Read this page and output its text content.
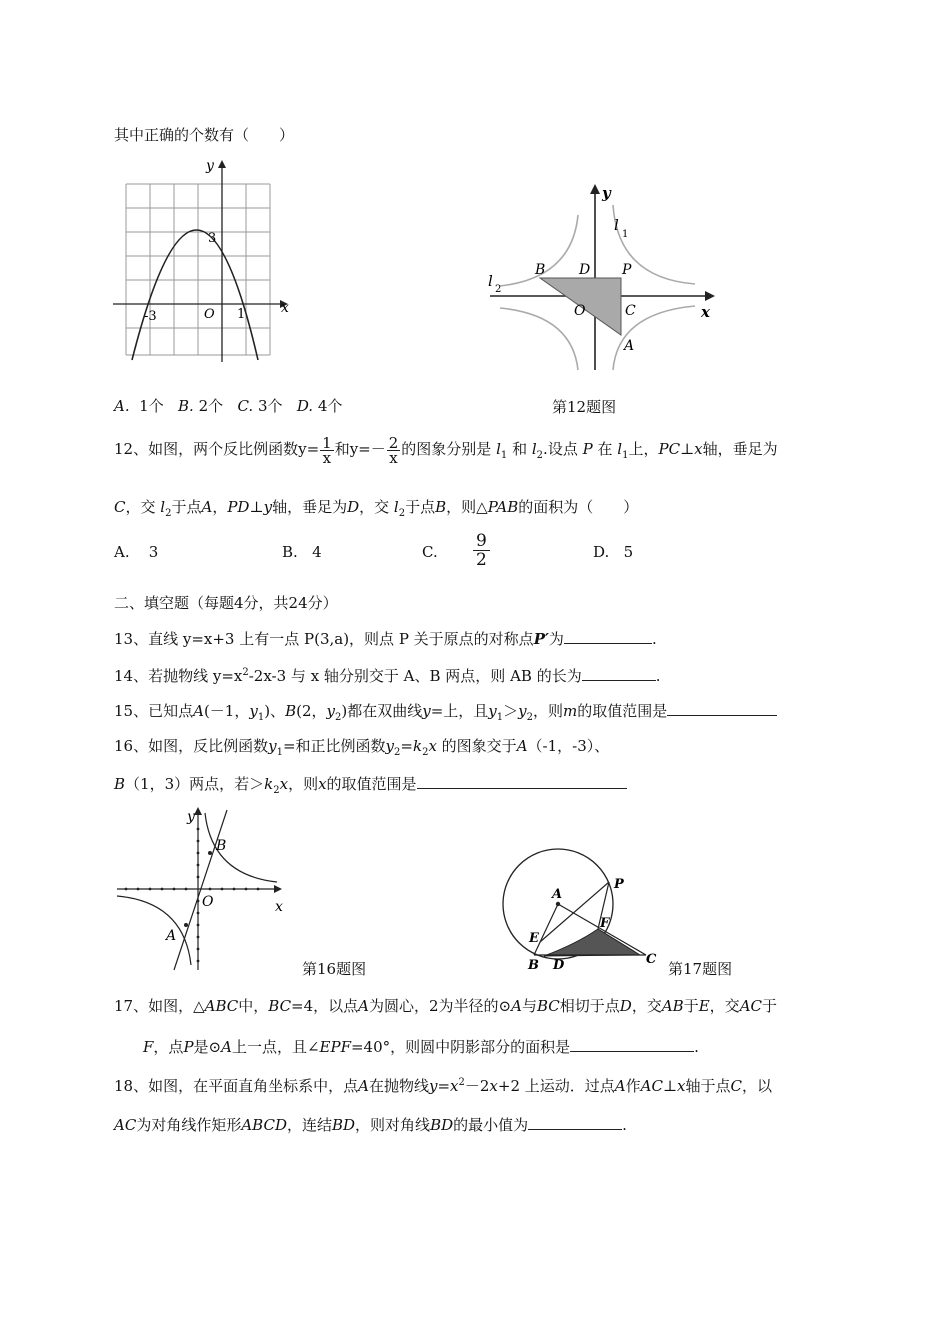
其中正确的个数有（　　）
y
x
3
-3	O 1
l
1
l 2
B D P
O	C
A
x
y
A. 1个 B. 2个 C. 3个 D. 4个	第12题图
12、如图，两个反比例函数$y= \frac{1}{x}$ 和$y=- \frac{2}{x}$ 的图象分别是 $l_1$ 和 $l_2$.设点 P 在 $l_1$上，PC⊥x轴，垂足为
C，交 $l_2$于点A，PD⊥y轴，垂足为D，交 $l_2$于点B，则△PAB的面积为（　　）
A. 3	B. 4	C.
9
2	D. 5
二、填空题（每题4分，共24分）
13、直线 y=x+3 上有一点 P(3,a)，则点 P 关于原点的对称点P′为	.
14、若抛物线 $y=x^2-2x-3$ 与 x 轴分别交于 A、B 两点，则 AB 的长为	.
15、已知点A(－1，$y_1$)、B(2，$y_2$)都在双曲线y=上，且$y_1>y_2$，则m的取值范围是
16、如图，反比例函数$y_1=$和正比例函数$y_2=k_2x$ 的图象交于A（-1，-3）、
B（1，3）两点，若$>k_2x$，则x的取值范围是
y
x
B
O
A
第16题图
A
P
F
E
B D	C
第17题图
17、如图，△ABC中，BC=4，以点A为圆心，2为半径的⊙A与BC相切于点D，交AB于E，交AC于
F，点P是⊙A上一点，且∠EPF=40°，则圆中阴影部分的面积是	.
18、如图，在平面直角坐标系中，点A在抛物线$y=x^2-2x+2$ 上运动．过点A作AC⊥x轴于点C，以
AC为对角线作矩形ABCD，连结BD，则对角线BD的最小值为	.
